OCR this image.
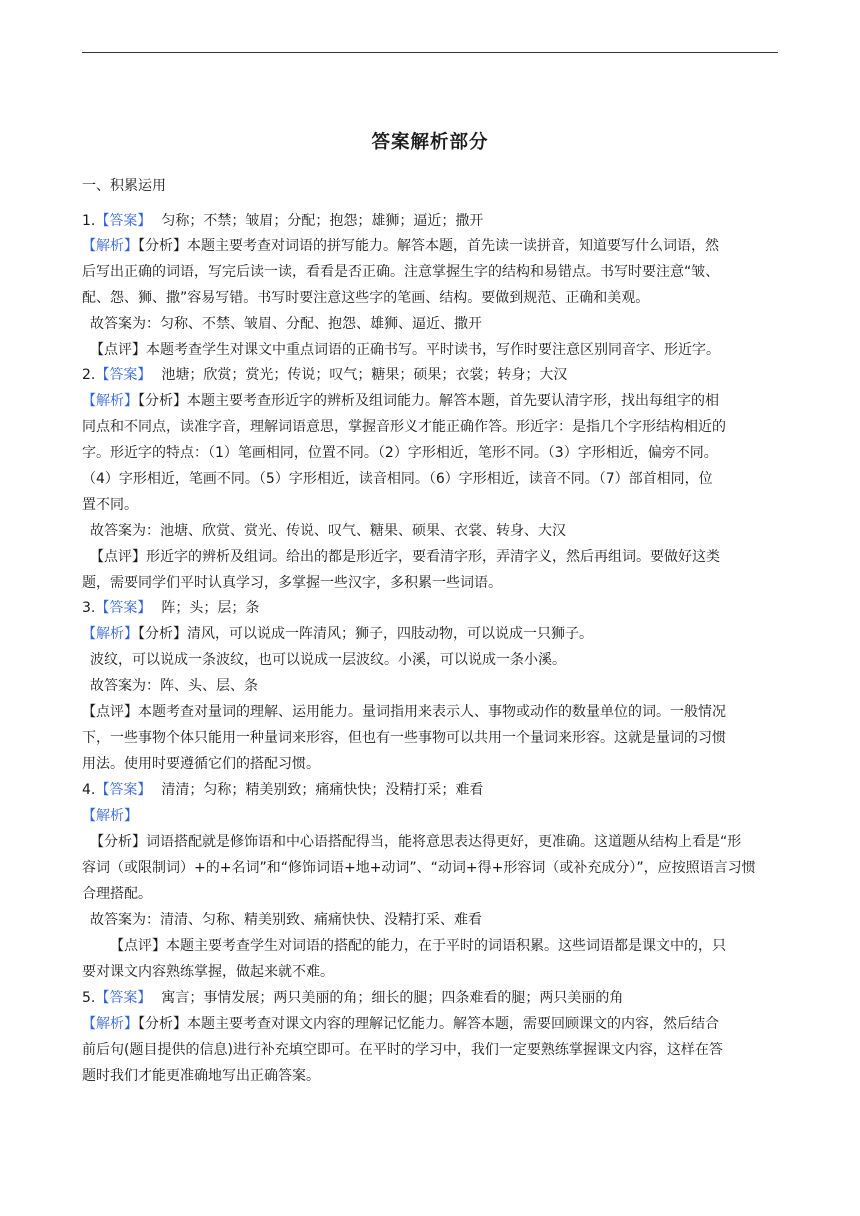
答案解析部分
一、积累运用
1.【答案】 匀称；不禁；皱眉；分配；抱怨；雄狮；逼近；撒开
【解析】【分析】本题主要考查对词语的拼写能力。解答本题，首先读一读拼音，知道要写什么词语，然
后写出正确的词语，写完后读一读，看看是否正确。注意掌握生字的结构和易错点。书写时要注意“皱、
配、怨、狮、撒”容易写错。书写时要注意这些字的笔画、结构。要做到规范、正确和美观。
故答案为：匀称、不禁、皱眉、分配、抱怨、雄狮、逼近、撒开
【点评】本题考查学生对课文中重点词语的正确书写。平时读书，写作时要注意区别同音字、形近字。
2.【答案】 池塘；欣赏；赏光；传说；叹气；糖果；硕果；衣裳；转身；大汉
【解析】【分析】本题主要考查形近字的辨析及组词能力。解答本题，首先要认清字形，找出每组字的相
同点和不同点，读准字音，理解词语意思，掌握音形义才能正确作答。形近字：是指几个字形结构相近的
字。形近字的特点：（1）笔画相同，位置不同。（2）字形相近，笔形不同。（3）字形相近，偏旁不同。
（4）字形相近，笔画不同。（5）字形相近，读音相同。（6）字形相近，读音不同。（7）部首相同，位
置不同。
故答案为：池塘、欣赏、赏光、传说、叹气、糖果、硕果、衣裳、转身、大汉
【点评】形近字的辨析及组词。给出的都是形近字，要看清字形，弄清字义，然后再组词。要做好这类
题，需要同学们平时认真学习，多掌握一些汉字，多积累一些词语。
3.【答案】 阵；头；层；条
【解析】【分析】清风，可以说成一阵清风；狮子，四肢动物，可以说成一只狮子。
波纹，可以说成一条波纹，也可以说成一层波纹。小溪，可以说成一条小溪。
故答案为：阵、头、层、条
【点评】本题考查对量词的理解、运用能力。量词指用来表示人、事物或动作的数量单位的词。一般情况
下，一些事物个体只能用一种量词来形容，但也有一些事物可以共用一个量词来形容。这就是量词的习惯
用法。使用时要遵循它们的搭配习惯。
4.【答案】 清清；匀称；精美别致；痛痛快快；没精打采；难看
【解析】
【分析】词语搭配就是修饰语和中心语搭配得当，能将意思表达得更好，更准确。这道题从结构上看是“形
容词（或限制词）+的+名词”和“修饰词语+地+动词”、“动词+得+形容词（或补充成分）”，应按照语言习惯
合理搭配。
故答案为：清清、匀称、精美别致、痛痛快快、没精打采、难看
【点评】本题主要考查学生对词语的搭配的能力，在于平时的词语积累。这些词语都是课文中的，只
要对课文内容熟练掌握，做起来就不难。
5.【答案】 寓言；事情发展；两只美丽的角；细长的腿；四条难看的腿；两只美丽的角
【解析】【分析】本题主要考查对课文内容的理解记忆能力。解答本题，需要回顾课文的内容，然后结合
前后句(题目提供的信息)进行补充填空即可。在平时的学习中，我们一定要熟练掌握课文内容，这样在答
题时我们才能更准确地写出正确答案。
